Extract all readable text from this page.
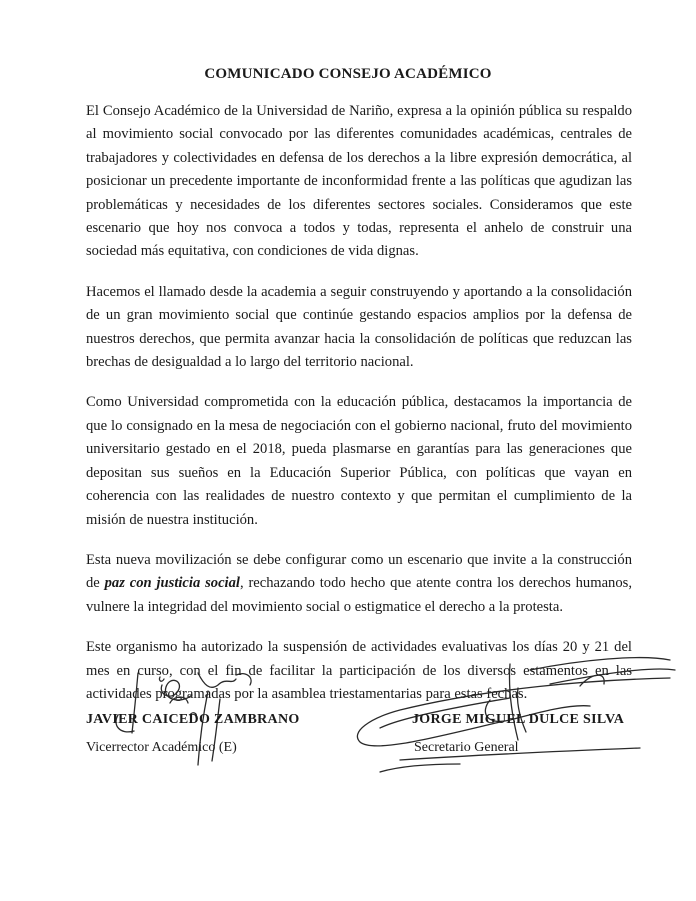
COMUNICADO CONSEJO ACADÉMICO

El Consejo Académico de la Universidad de Nariño, expresa a la opinión pública su respaldo al movimiento social convocado por las diferentes comunidades académicas, centrales de trabajadores y colectividades en defensa de los derechos a la libre expresión democrática, al posicionar un precedente importante de inconformidad frente a las políticas que agudizan las problemáticas y necesidades de los diferentes sectores sociales. Consideramos que este escenario que hoy nos convoca a todos y todas, representa el anhelo de construir una sociedad más equitativa, con condiciones de vida dignas.

Hacemos el llamado desde la academia a seguir construyendo y aportando a la consolidación de un gran movimiento social que continúe gestando espacios amplios por la defensa de nuestros derechos, que permita avanzar hacia la consolidación de políticas que reduzcan las brechas de desigualdad a lo largo del territorio nacional.

Como Universidad comprometida con la educación pública, destacamos la importancia de que lo consignado en la mesa de negociación con el gobierno nacional, fruto del movimiento universitario gestado en el 2018, pueda plasmarse en garantías para las generaciones que depositan sus sueños en la Educación Superior Pública, con políticas que vayan en coherencia con las realidades de nuestro contexto y que permitan el cumplimiento de la misión de nuestra institución.

Esta nueva movilización se debe configurar como un escenario que invite a la construcción de paz con justicia social, rechazando todo hecho que atente contra los derechos humanos, vulnere la integridad del movimiento social o estigmatice el derecho a la protesta.

Este organismo ha autorizado la suspensión de actividades evaluativas los días 20 y 21 del mes en curso, con el fin de facilitar la participación de los diversos estamentos en las actividades programadas por la asamblea triestamentarias para estas fechas.

JAVIER CAICEDO ZAMBRANO
Vicerrector Académico (E)
JORGE MIGUEL DULCE SILVA
Secretario General
